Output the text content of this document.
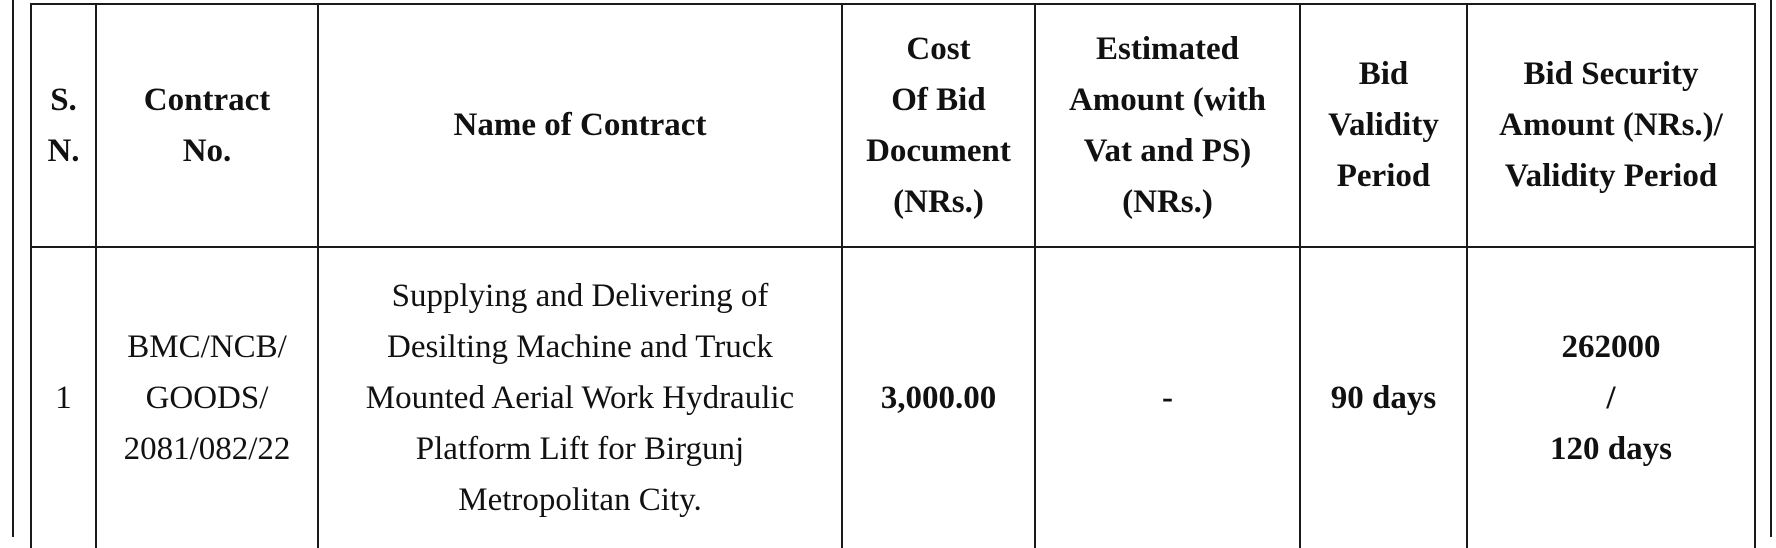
S.
N.	Contract
No.	Name of Contract	Cost
Of Bid
Document
(NRs.)	Estimated
Amount (with
Vat and PS)
(NRs.)	Bid
Validity
Period	Bid Security
Amount (NRs.)/
Validity Period

1	BMC/NCB/
GOODS/
2081/082/22	Supplying and Delivering of
Desilting Machine and Truck
Mounted Aerial Work Hydraulic
Platform Lift for Birgunj
Metropolitan City.	3,000.00	-	90 days	262000
/
120 days
